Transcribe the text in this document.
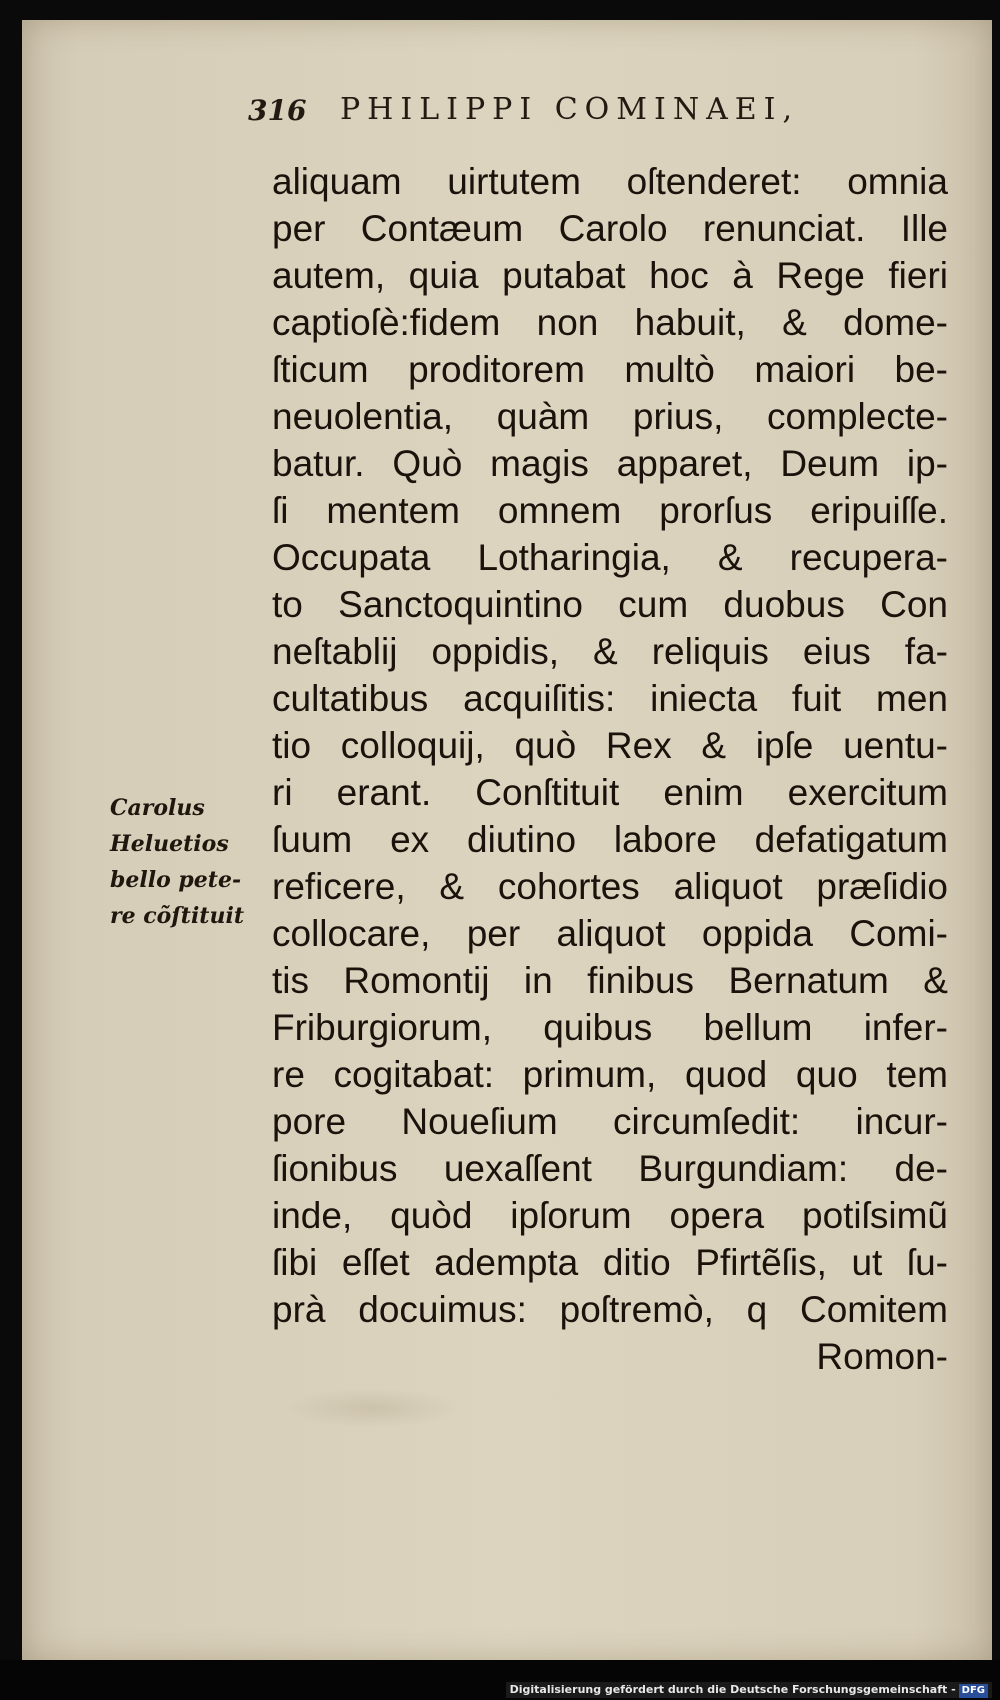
316 PHILIPPI COMINAEI,
Carolus
Heluetios
bello pete-
re cõſtituit
aliquam uirtutem oſtenderet: omnia
per Contæum Carolo renunciat. Ille
autem, quia putabat hoc à Rege fieri
captioſè:fidem non habuit, & dome-
ſticum proditorem multò maiori be-
neuolentia, quàm prius, complecte-
batur. Quò magis apparet, Deum ip-
ſi mentem omnem prorſus eripuiſſe.
Occupata Lotharingia, & recupera-
to Sanctoquintino cum duobus Con
neſtablij oppidis, & reliquis eius fa-
cultatibus acquiſitis: iniecta fuit men
tio colloquij, quò Rex & ipſe uentu-
ri erant. Conſtituit enim exercitum
ſuum ex diutino labore defatigatum
reficere, & cohortes aliquot præſidio
collocare, per aliquot oppida Comi-
tis Romontij in finibus Bernatum &
Friburgiorum, quibus bellum infer-
re cogitabat: primum, quod quo tem
pore Noueſium circumſedit: incur-
ſionibus uexaſſent Burgundiam: de-
inde, quòd ipſorum opera potiſsimũ
ſibi eſſet adempta ditio Pfirtẽſis, ut ſu-
prà docuimus: poſtremò, q Comitem
Romon-
Digitalisierung gefördert durch die Deutsche Forschungsgemeinschaft - DFG
